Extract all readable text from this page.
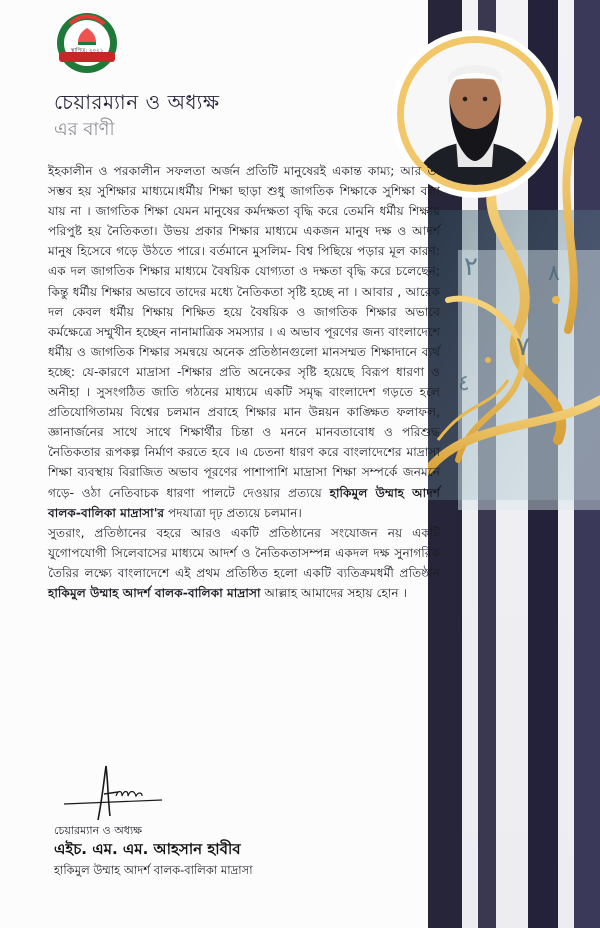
٢
٧
٨
٤
স্থাপিত: ২০২১
চেয়ারম্যান ও অধ্যক্ষ
এর বাণী

ইহকালীন ও পরকালীন সফলতা অর্জন প্রতিটি মানুষেরই একান্ত কাম্য; আর তা সম্ভব হয় সুশিক্ষার মাধ্যমে।ধর্মীয় শিক্ষা ছাড়া শুধু জাগতিক শিক্ষাকে সুশিক্ষা বলা যায় না । জাগতিক শিক্ষা যেমন মানুষের কর্মদক্ষতা বৃদ্ধি করে তেমনি ধর্মীয় শিক্ষায় পরিপুষ্ট হয় নৈতিকতা। উভয় প্রকার শিক্ষার মাধ্যমে একজন মানুষ দক্ষ ও আদর্শ মানুষ হিসেবে গড়ে উঠতে পারে। বর্তমানে মুসলিম- বিশ্ব পিছিয়ে পড়ার মূল কারণ: এক দল জাগতিক শিক্ষার মাধ্যমে বৈষয়িক যোগ্যতা ও দক্ষতা বৃদ্ধি করে চলেছেন; কিন্তু ধর্মীয় শিক্ষার অভাবে তাদের মধ্যে নৈতিকতা সৃষ্টি হচ্ছে না । আবার , আরেক দল কেবল ধর্মীয় শিক্ষায় শিক্ষিত হয়ে বৈষয়িক ও জাগতিক শিক্ষার অভাবে কর্মক্ষেত্রে সম্মুখীন হচ্ছেন নানামাত্রিক সমস্যার । এ অভাব পূরণের জন্য বাংলাদেশে ধর্মীয় ও জাগতিক শিক্ষার সমন্বয়ে অনেক প্রতিষ্ঠানগুলো মানসম্মত শিক্ষাদানে ব্যর্থ হচ্ছে: যে-কারণে মাদ্রাসা -শিক্ষার প্রতি অনেকের সৃষ্টি হয়েছে বিরূপ ধারণা ও অনীহা । সুসংগঠিত জাতি গঠনের মাধ্যমে একটি সমৃদ্ধ বাংলাদেশ গড়তে হলে প্রতিযোগিতাময় বিশ্বের চলমান প্রবাহে শিক্ষার মান উন্নয়ন কাঙ্ক্ষিত ফলাফল, জ্ঞানার্জনের সাথে সাথে শিক্ষার্থীর চিন্তা ও মননে মানবতাবোধ ও পরিশুদ্ধ নৈতিকতার রূপকল্প নির্মাণ করতে হবে ।এ চেতনা ধারণ করে বাংলাদেশের মাদ্রাসা শিক্ষা ব্যবস্থায় বিরাজিত অভাব পূরণের পাশাপাশি মাদ্রাসা শিক্ষা সম্পর্কে জনমনে গড়ে- ওঠা নেতিবাচক ধারণা পালটে দেওয়ার প্রত্যয়ে হাকিমুল উম্মাহ আদর্শ বালক-বালিকা মাদ্রাসা'র পদযাত্রা দৃঢ় প্রত্যয়ে চলমান।

সুতরাং, প্রতিষ্ঠানের বহরে আরও একটি প্রতিষ্ঠানের সংযোজন নয় একটি যুগোপযোগী সিলেবাসের মাধ্যমে আদর্শ ও নৈতিকতাসম্পন্ন একদল দক্ষ সুনাগরিক তৈরির লক্ষ্যে বাংলাদেশে এই প্রথম প্রতিষ্ঠিত হলো একটি ব্যতিক্রমধর্মী প্রতিষ্ঠান হাকিমুল উম্মাহ আদর্শ বালক-বালিকা মাদ্রাসা আল্লাহ আমাদের সহায় হোন ।

চেয়ারম্যান ও অধ্যক্ষ
এইচ. এম. এম. আহসান হাবীব
হাকিমুল উম্মাহ আদর্শ বালক-বালিকা মাদ্রাসা
